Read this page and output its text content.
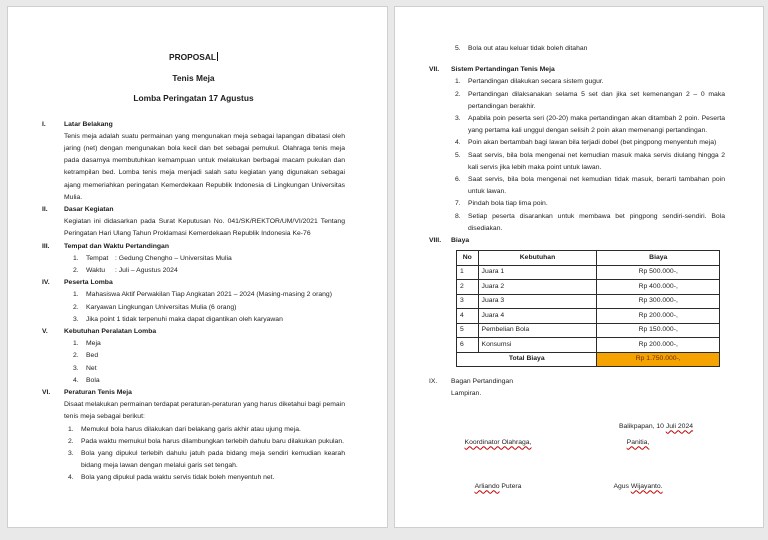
PROPOSAL
Tenis Meja
Lomba Peringatan 17 Agustus
I.	Latar Belakang

Tenis meja adalah suatu permainan yang mengunakan meja sebagai lapangan dibatasi oleh jaring (net) dengan mengunakan bola kecil dan bet sebagai pemukul. Olahraga tenis meja pada dasarnya membutuhkan kemampuan untuk melakukan berbagai macam pukulan dan ketrampilan bed. Lomba tenis meja menjadi salah satu kegiatan yang digunakan sebagai ajang memeriahkan peringatan Kemerdekaan Republik Indonesia di Lingkungan Universitas Mulia.

II.	Dasar Kegiatan

Kegiatan ini didasarkan pada Surat Keputusan No. 041/SK/REKTOR/UM/VI/2021 Tentang Peringatan Hari Ulang Tahun Proklamasi Kemerdekaan Republik Indonesia Ke-76

III.	Tempat dan Waktu Pertandingan
1.	Tempat : Gedung Chengho – Universitas Mulia
2.	Waktu : Juli – Agustus 2024
IV.	Peserta Lomba
1.	Mahasiswa Aktif Perwakilan Tiap Angkatan 2021 – 2024 (Masing-masing 2 orang)
2.	Karyawan Lingkungan Universitas Mulia (6 orang)
3.	Jika point 1 tidak terpenuhi maka dapat digantikan oleh karyawan
V.	Kebutuhan Peralatan Lomba
1.	Meja
2.	Bed
3.	Net
4.	Bola
VI.	Peraturan Tenis Meja

Disaat melakukan permainan terdapat peraturan-peraturan yang harus diketahui bagi pemain tenis meja sebagai berikut:

1.	Memukul bola harus dilakukan dari belakang garis akhir atau ujung meja.
2.	Pada waktu memukul bola harus dilambungkan terlebih dahulu baru dilakukan pukulan.
3.	Bola yang dipukul terlebih dahulu jatuh pada bidang meja sendiri kemudian kearah bidang meja lawan dengan melalui garis set tengah.
4.	Bola yang dipukul pada waktu servis tidak boleh menyentuh net.
5.	Bola out atau keluar tidak boleh ditahan
VII.	Sistem Pertandingan Tenis Meja
1.	Pertandingan dilakukan secara sistem gugur.
2.	Pertandingan dilaksanakan selama 5 set dan jika set kemenangan 2 – 0 maka pertandingan berakhir.
3.	Apabila poin peserta seri (20-20) maka pertandingan akan ditambah 2 poin. Peserta yang pertama kali unggul dengan selisih 2 poin akan memenangi pertandingan.
4.	Poin akan bertambah bagi lawan bila terjadi dobel (bet pingpong menyentuh meja)
5.	Saat servis, bila bola mengenai net kemudian masuk maka servis diulang hingga 2 kali servis jika lebih maka point untuk lawan.
6.	Saat servis, bila bola mengenai net kemudian tidak masuk, berarti tambahan poin untuk lawan.
7.	Pindah bola tiap lima poin.
8.	Setiap peserta disarankan untuk membawa bet pingpong sendiri-sendiri. Bola disediakan.
VIII.	Biaya
No	Kebutuhan	Biaya
1	Juara 1	Rp 500.000-,
2	Juara 2	Rp 400.000-,
3	Juara 3	Rp 300.000-,
4	Juara 4	Rp 200.000-,
5	Pembelian Bola	Rp 150.000-,
6	Konsumsi	Rp 200.000-,
Total Biaya		Rp 1.750.000-,
IX.	Bagan Pertandingan
Lampiran.
Balikpapan, 10 Juli 2024
Koordinator Olahraga,	Panitia,
Arliando Putera	Agus Wijayanto.
